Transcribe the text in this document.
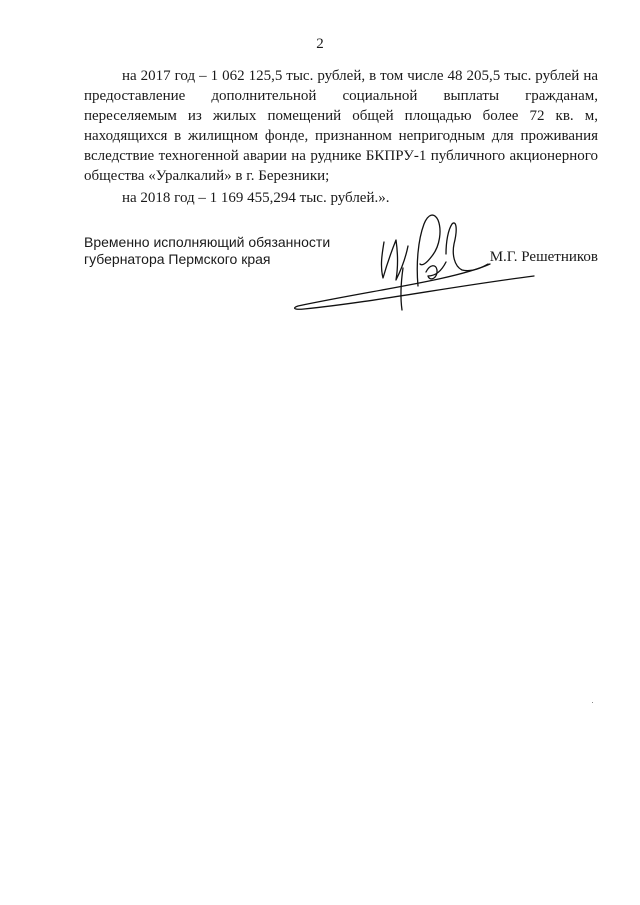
2

на 2017 год – 1 062 125,5 тыс. рублей, в том числе 48 205,5 тыс. рублей на предоставление дополнительной социальной выплаты гражданам, переселяемым из жилых помещений общей площадью более 72 кв. м, находящихся в жилищном фонде, признанном непригодным для проживания вследствие техногенной аварии на руднике БКПРУ-1 публичного акционерного общества «Уралкалий» в г. Березники;

на 2018 год – 1 169 455,294 тыс. рублей.».

Временно исполняющий обязанности
губернатора Пермского края	М.Г. Решетников
